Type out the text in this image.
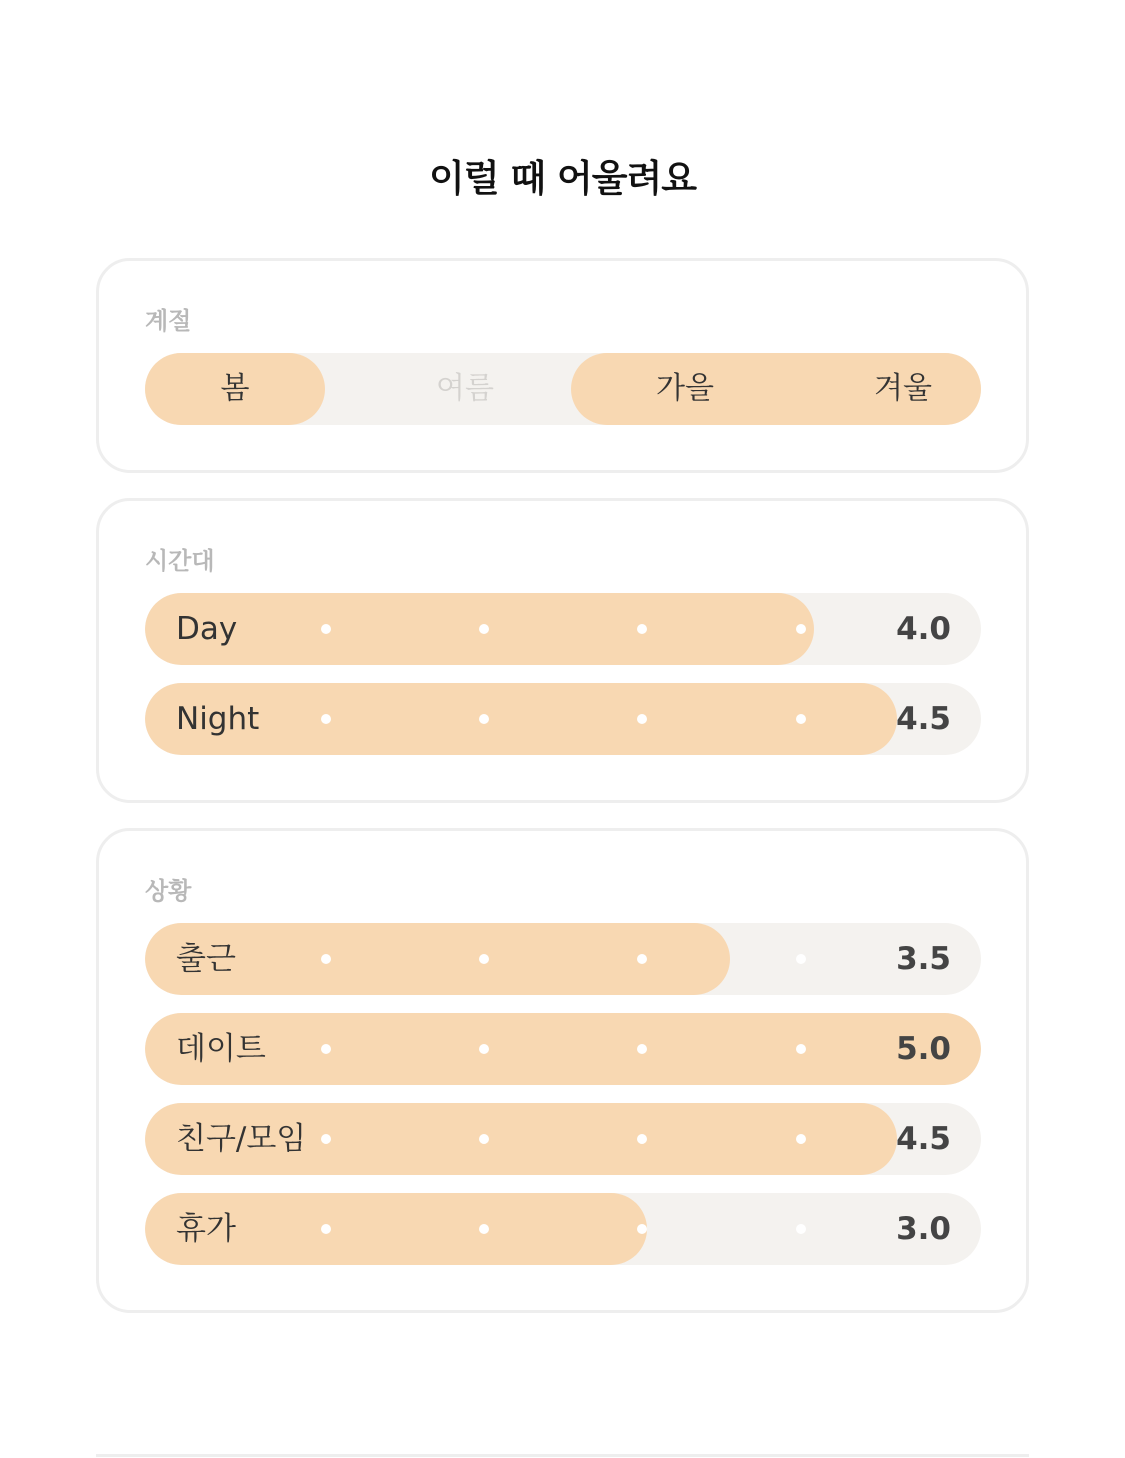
이럴 때 어울려요
계절
봄	여름	가을	겨울
시간대
Day	4.0
Night	4.5
상황
출근	3.5
데이트	5.0
친구/모임	4.5
휴가	3.0
